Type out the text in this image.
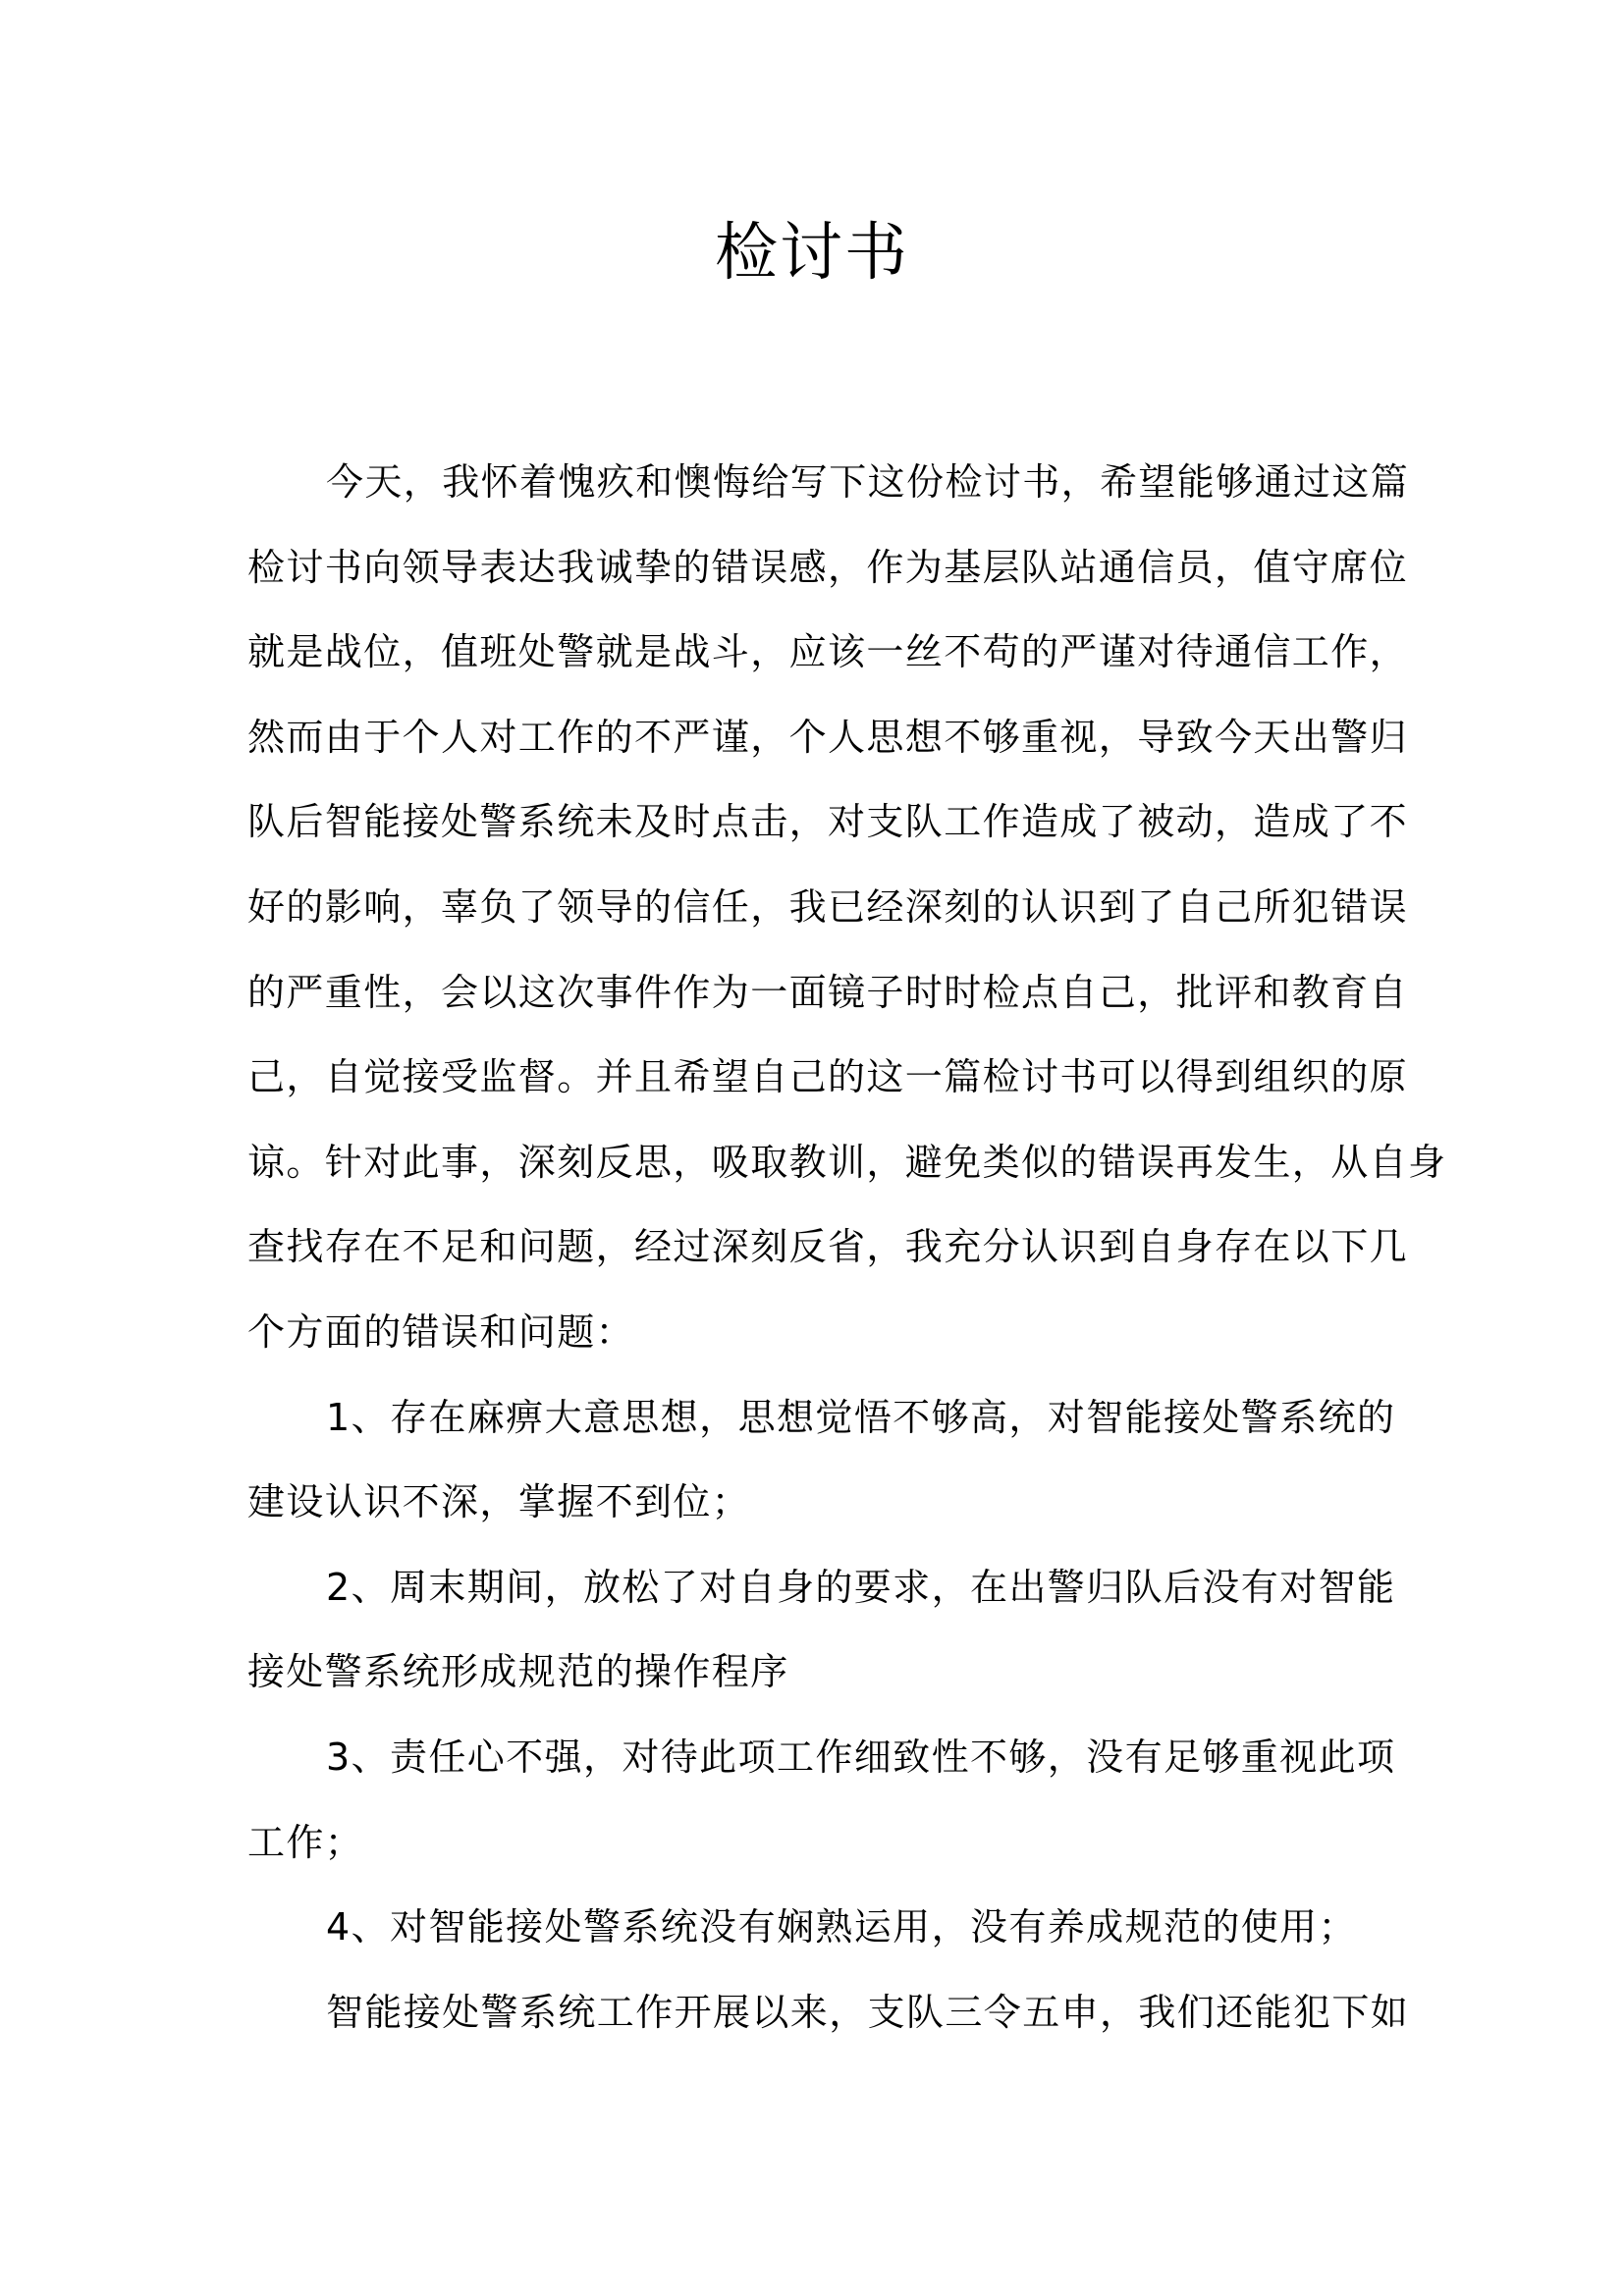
检讨书
今天，我怀着愧疚和懊悔给写下这份检讨书，希望能够通过这篇
检讨书向领导表达我诚挚的错误感，作为基层队站通信员，值守席位
就是战位，值班处警就是战斗，应该一丝不苟的严谨对待通信工作，
然而由于个人对工作的不严谨，个人思想不够重视，导致今天出警归
队后智能接处警系统未及时点击，对支队工作造成了被动，造成了不
好的影响，辜负了领导的信任，我已经深刻的认识到了自己所犯错误
的严重性，会以这次事件作为一面镜子时时检点自己，批评和教育自
己，自觉接受监督。并且希望自己的这一篇检讨书可以得到组织的原
谅。针对此事，深刻反思，吸取教训，避免类似的错误再发生，从自身
查找存在不足和问题，经过深刻反省，我充分认识到自身存在以下几
个方面的错误和问题：
1、存在麻痹大意思想，思想觉悟不够高，对智能接处警系统的
建设认识不深，掌握不到位；
2、周末期间，放松了对自身的要求，在出警归队后没有对智能
接处警系统形成规范的操作程序
3、责任心不强，对待此项工作细致性不够，没有足够重视此项
工作；
4、对智能接处警系统没有娴熟运用，没有养成规范的使用；
智能接处警系统工作开展以来，支队三令五申，我们还能犯下如
